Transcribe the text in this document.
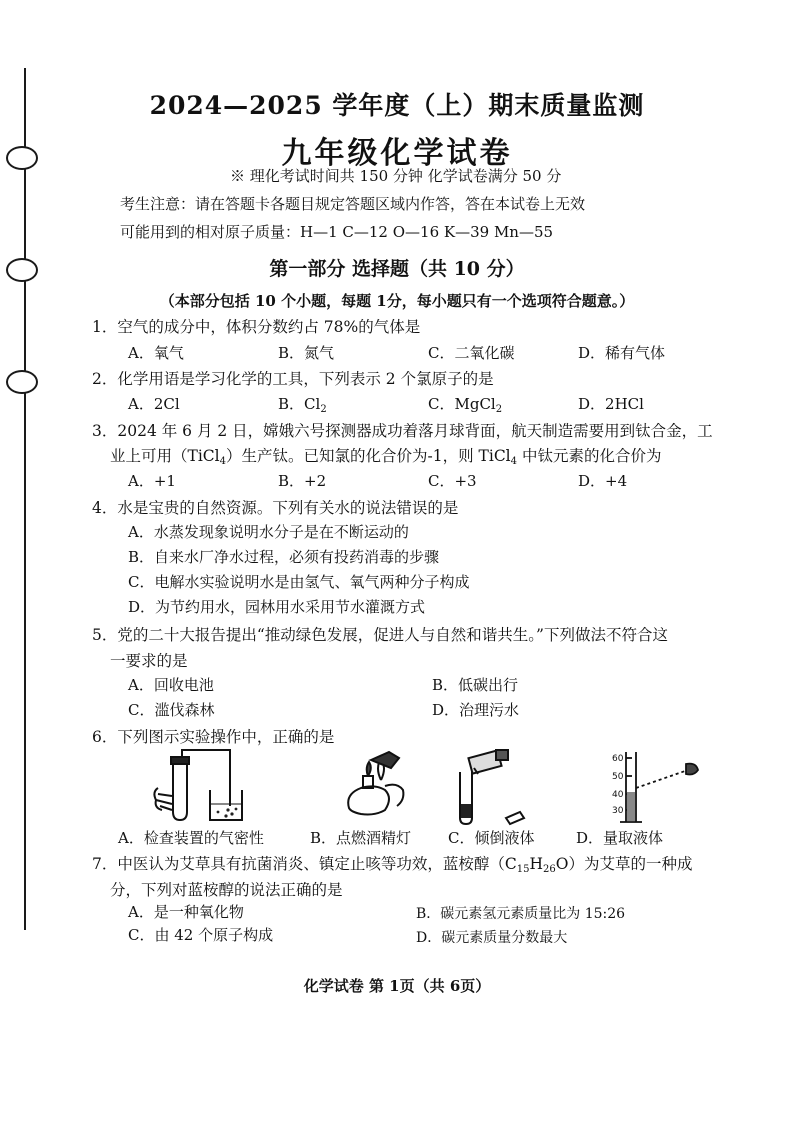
2024—2025 学年度（上）期末质量监测
九年级化学试卷
※ 理化考试时间共 150 分钟 化学试卷满分 50 分
考生注意：请在答题卡各题目规定答题区域内作答，答在本试卷上无效
可能用到的相对原子质量：H—1 C—12 O—16 K—39 Mn—55
第一部分 选择题（共 10 分）
（本部分包括 10 个小题，每题 1分，每小题只有一个选项符合题意。）
1．空气的成分中，体积分数约占 78%的气体是
A．氧气	B．氮气	C．二氧化碳	D．稀有气体
2．化学用语是学习化学的工具，下列表示 2 个氯原子的是
A．2Cl	B．$Cl_2$	C．MgCl$_2$	D．2HCl
3．2024 年 6 月 2 日，嫦娥六号探测器成功着落月球背面，航天制造需要用到钛合金，工
业上可用（TiCl$_4$）生产钛。已知氯的化合价为-1，则 TiCl$_4$ 中钛元素的化合价为
A．+1	B．+2	C．+3	D．+4
4．水是宝贵的自然资源。下列有关水的说法错误的是
A．水蒸发现象说明水分子是在不断运动的
B．自来水厂净水过程，必须有投药消毒的步骤
C．电解水实验说明水是由氢气、氧气两种分子构成
D．为节约用水，园林用水采用节水灌溉方式
5．党的二十大报告提出“推动绿色发展，促进人与自然和谐共生。”下列做法不符合这
一要求的是
A．回收电池	B．低碳出行
C．滥伐森林	D．治理污水
6．下列图示实验操作中，正确的是
60
50
40
30
A．检查装置的气密性	B．点燃酒精灯 C．倾倒液体	D．量取液体
7．中医认为艾草具有抗菌消炎、镇定止咳等功效，蓝桉醇$(C_{15}H_{26}O)$为艾草的一种成
分，下列对蓝桉醇的说法正确的是
A．是一种氧化物	B．碳元素氢元素质量比为 15:26
C．由 42 个原子构成	D．碳元素质量分数最大
化学试卷 第 1页（共 6页）
